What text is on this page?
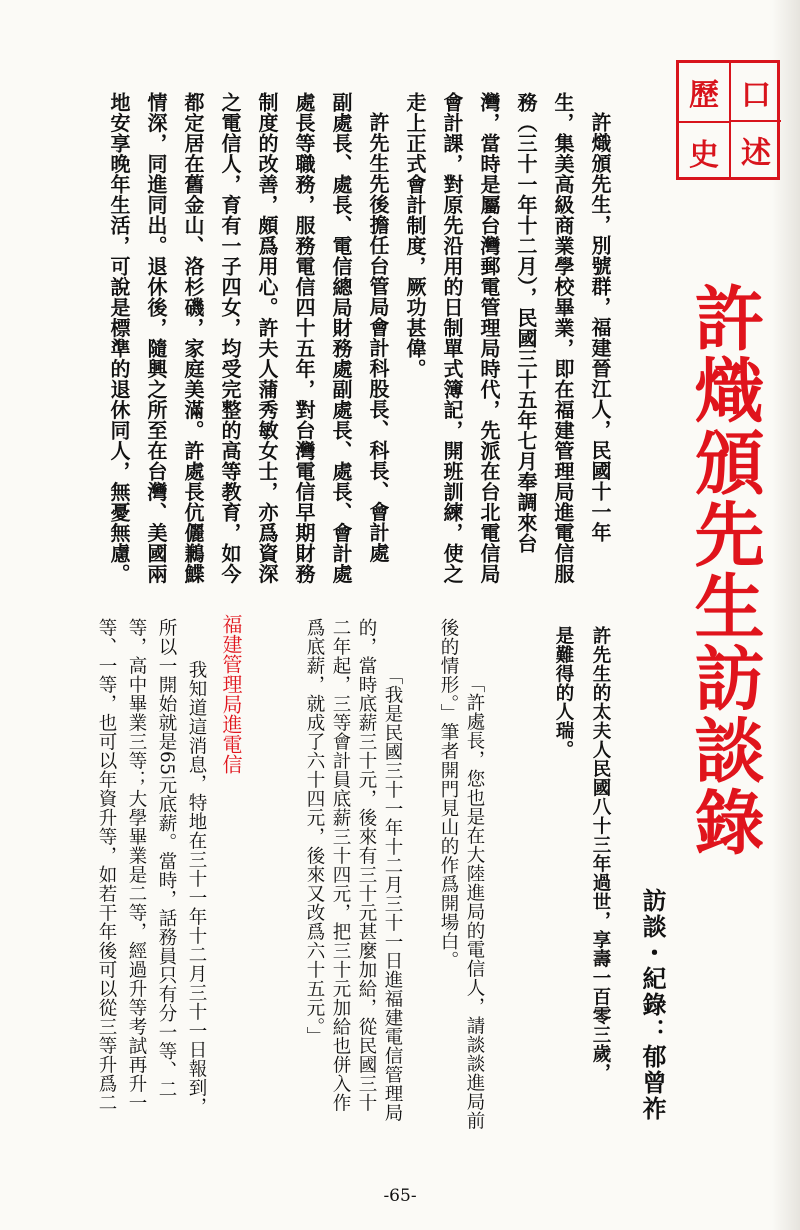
口
述
歷
史
許熾頒先生訪談錄
訪談・紀錄：郁曾祚
許熾頒先生，別號群，福建晉江人，民國十一年
生，集美高級商業學校畢業，即在福建管理局進電信服
務（三十一年十二月），民國三十五年七月奉調來台
灣，當時是屬台灣郵電管理局時代，先派在台北電信局
會計課，對原先沿用的日制單式簿記，開班訓練，使之
走上正式會計制度，厥功甚偉。
許先生先後擔任台管局會計科股長、科長、會計處
副處長、處長、電信總局財務處副處長、處長、會計處
處長等職務，服務電信四十五年，對台灣電信早期財務
制度的改善，頗爲用心。許夫人蒲秀敏女士，亦爲資深
之電信人，育有一子四女，均受完整的高等教育，如今
都定居在舊金山、洛杉磯，家庭美滿。許處長伉儷鶼鰈
情深，同進同出。退休後，隨興之所至在台灣、美國兩
地安享晚年生活，可說是標準的退休同人，無憂無慮。
許先生的太夫人民國八十三年過世，享壽一百零三歲，
是難得的人瑞。
「許處長，您也是在大陸進局的電信人，請談談進局前
後的情形。」筆者開門見山的作爲開場白。
「我是民國三十一年十二月三十一日進福建電信管理局
的，當時底薪三十元，後來有三十元甚麼加給，從民國三十
二年起，三等會計員底薪三十四元，把三十元加給也併入作
爲底薪，就成了六十四元，後來又改爲六十五元。」
福建管理局進電信
我知道這消息，特地在三十一年十二月三十一日報到，
所以一開始就是65元底薪。當時，話務員只有分一等、二
等，高中畢業三等；大學畢業是二等，經過升等考試再升一
等、一等，也可以年資升等，如若干年後可以從三等升爲二
-65-
